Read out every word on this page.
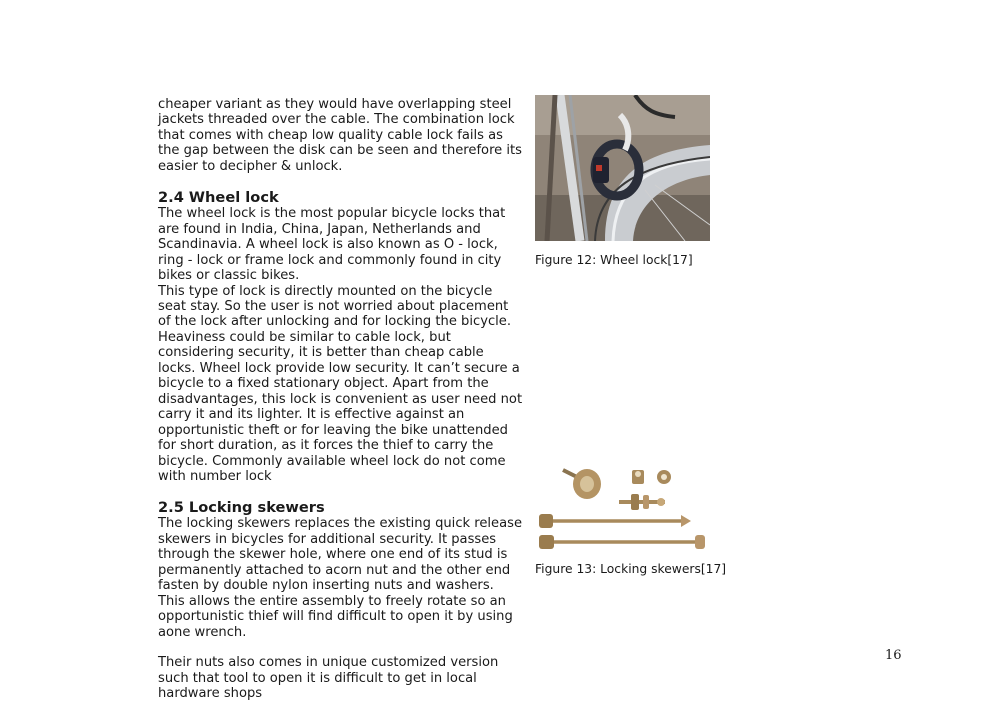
cheaper variant as they would have overlapping steel jackets threaded over the cable. The combination lock that comes with cheap low quality cable lock fails as the gap between the disk can be seen and therefore its easier to decipher & unlock.

2.4 Wheel lock

The wheel lock is the most popular bicycle locks that are found in India, China, Japan, Netherlands and Scandinavia. A wheel lock is also known as O - lock, ring - lock or frame lock and commonly found in city bikes or classic bikes.

This type of lock is directly mounted on the bicycle seat stay. So the user is not worried about placement of the lock after unlocking and for locking the bicycle. Heaviness could be similar to cable lock, but considering security, it is better than cheap cable locks. Wheel lock provide low security. It can’t secure a bicycle to a fixed stationary object. Apart from the disadvantages, this lock is convenient as user need not carry it and its lighter. It is effective against an opportunistic theft or for leaving the bike unattended for short duration, as it forces the thief to carry the bicycle. Commonly available wheel lock do not come with number lock

2.5 Locking skewers

The locking skewers replaces the existing quick release skewers in bicycles for additional security. It passes through the skewer hole, where one end of its stud is permanently attached to acorn nut and the other end fasten by double nylon inserting nuts and washers. This allows the entire assembly to freely rotate so an opportunistic thief will find difficult to open it by using aone wrench.

Their nuts also comes in unique customized version such that tool to open it is difficult to get in local hardware shops

Figure 12: Wheel lock[17]
Figure 13: Locking skewers[17]
16
